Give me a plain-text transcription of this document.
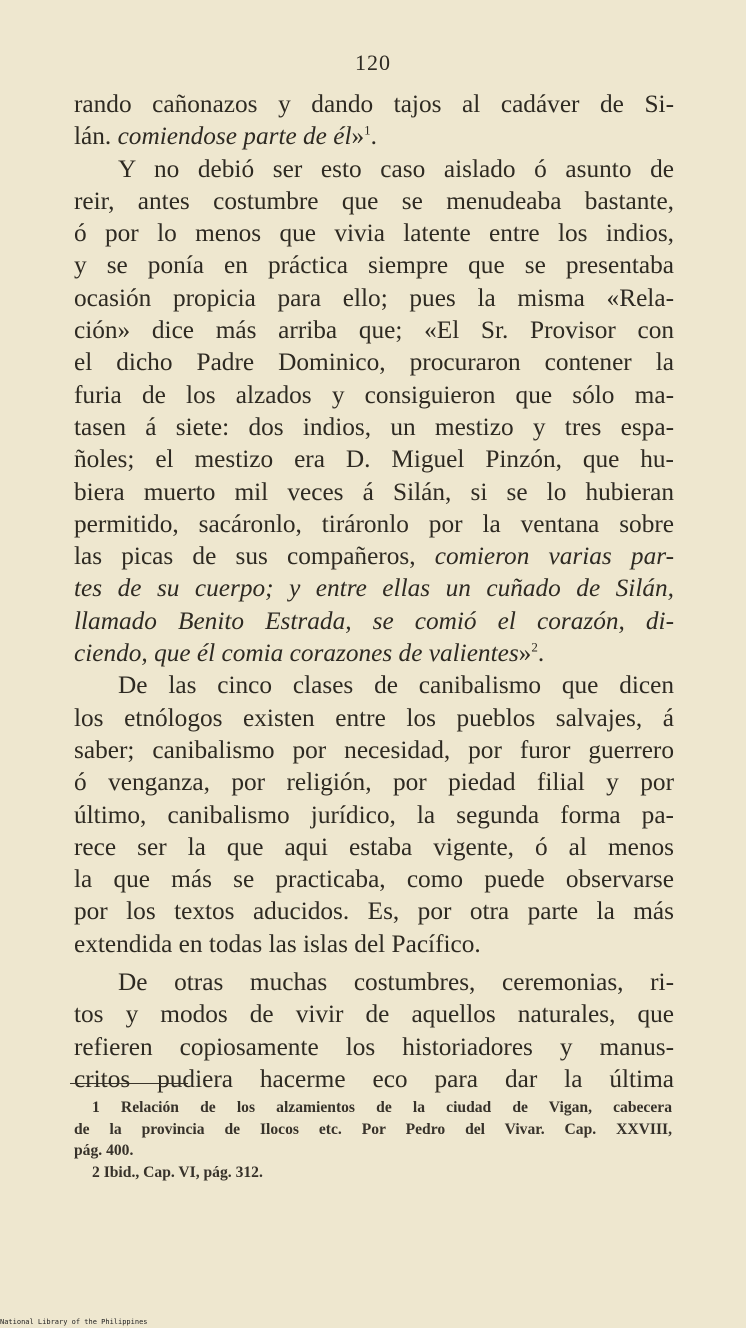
120
rando cañonazos y dando tajos al cadáver de Si-
lán. comiendose parte de él»$^1$.
Y no debió ser esto caso aislado ó asunto de
reir, antes costumbre que se menudeaba bastante,
ó por lo menos que vivia latente entre los indios,
y se ponía en práctica siempre que se presentaba
ocasión propicia para ello; pues la misma «Rela-
ción» dice más arriba que; «El Sr. Provisor con
el dicho Padre Dominico, procuraron contener la
furia de los alzados y consiguieron que sólo ma-
tasen á siete: dos indios, un mestizo y tres espa-
ñoles; el mestizo era D. Miguel Pinzón, que hu-
biera muerto mil veces á Silán, si se lo hubieran
permitido, sacáronlo, tiráronlo por la ventana sobre
las picas de sus compañeros, comieron varias par-
tes de su cuerpo; y entre ellas un cuñado de Silán,
llamado Benito Estrada, se comió el corazón, di-
ciendo, que él comia corazones de valientes»$^2$.
De las cinco clases de canibalismo que dicen
los etnólogos existen entre los pueblos salvajes, á
saber; canibalismo por necesidad, por furor guerrero
ó venganza, por religión, por piedad filial y por
último, canibalismo jurídico, la segunda forma pa-
rece ser la que aqui estaba vigente, ó al menos
la que más se practicaba, como puede observarse
por los textos aducidos. Es, por otra parte la más
extendida en todas las islas del Pacífico.
De otras muchas costumbres, ceremonias, ri-
tos y modos de vivir de aquellos naturales, que
refieren copiosamente los historiadores y manus-
critos pudiera hacerme eco para dar la última
1 Relación de los alzamientos de la ciudad de Vigan, cabecera
de la provincia de Ilocos etc. Por Pedro del Vivar. Cap. XXVIII,
pág. 400.
2 Ibid., Cap. VI, pág. 312.
National Library of the Philippines
